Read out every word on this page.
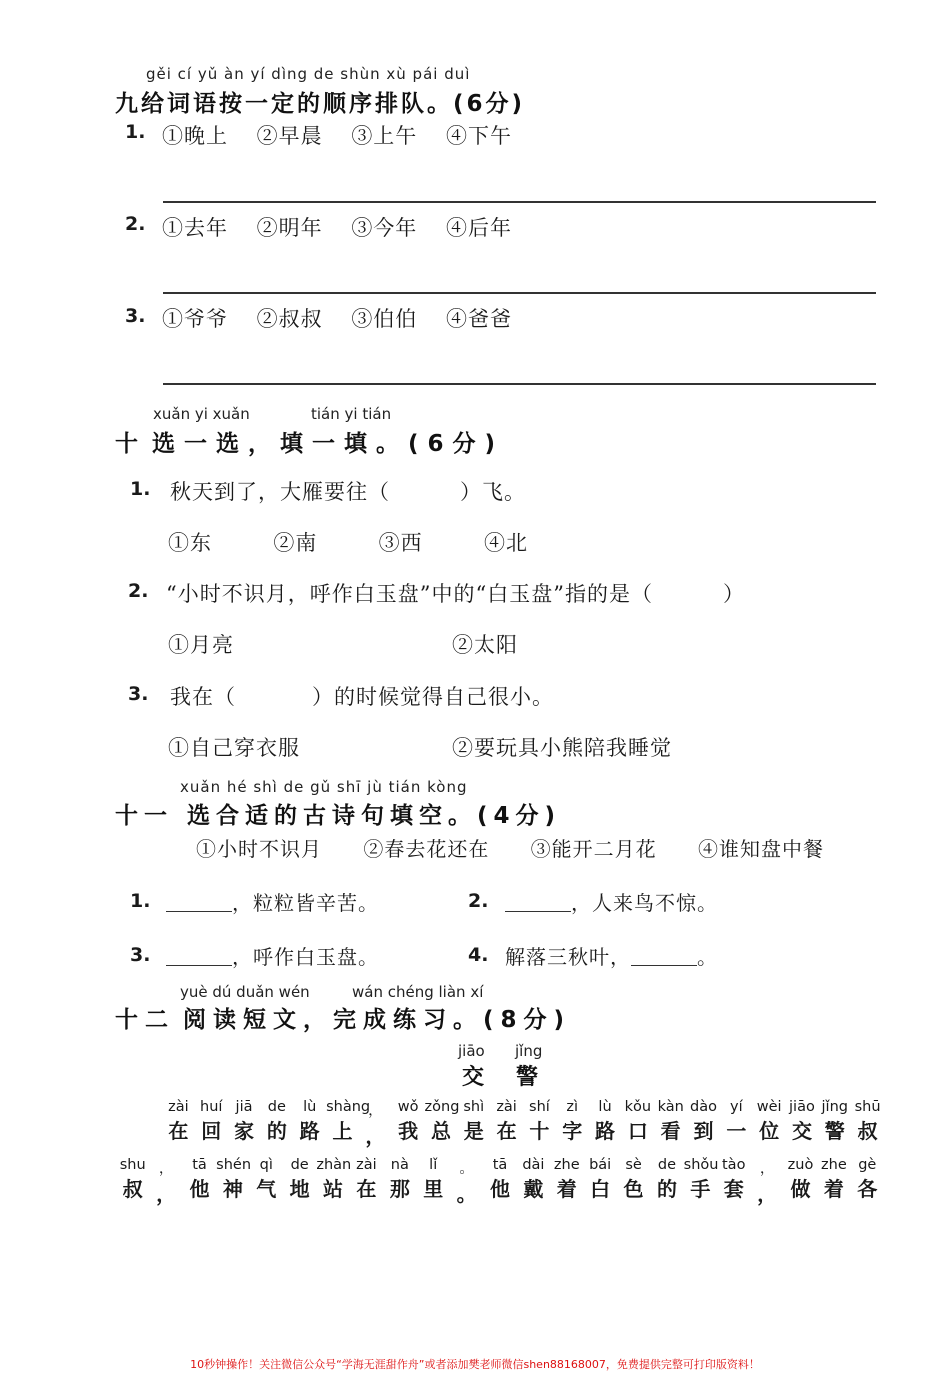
gěi cí yǔ àn yí dìng de shùn xù pái duì
九给词语按一定的顺序排队。(6分)
1. ①晚上 ②早晨 ③上午 ④下午
2. ①去年 ②明年 ③今年 ④后年
3. ①爷爷 ②叔叔 ③伯伯 ④爸爸
xuǎn yi xuǎn	tián yi tián
十选一选，填一填。(6分)
1. 秋天到了，大雁要往（	）飞。
①东	②南	③西	④北
2. “小时不识月，呼作白玉盘”中的“白玉盘”指的是（	）
①月亮	②太阳
3. 我在（	）的时候觉得自己很小。
①自己穿衣服	②要玩具小熊陪我睡觉
xuǎn hé shì de gǔ shī jù tián kòng
十一 选合适的古诗句填空。(4分)
①小时不识月 ②春去花还在 ③能开二月花 ④谁知盘中餐
1.	，粒粒皆辛苦。	2.	，人来鸟不惊。
3.	，呼作白玉盘。	4. 解落三秋叶，	。
yuè dú duǎn wén	wán chéng liàn xí
十二 阅读短文，完成练习。(8分)
jiāo jǐng
交 警
zài
在
huí
回
jiā
家
de
的
lù
路
shàng
上
，
，
wǒ
我
zǒng
总
shì
是
zài
在
shí
十
zì
字
lù
路
kǒu
口
kàn
看
dào
到
yí
一
wèi
位
jiāo
交
jǐng
警
shū
叔
shu
叔
，
，
tā
他
shén
神
qì
气
de
地
zhàn
站
zài
在
nà
那
lǐ
里
。
。
tā
他
dài
戴
zhe
着
bái
白
sè
色
de
的
shǒu
手
tào
套
，
，
zuò
做
zhe
着
gè
各
10秒钟操作！关注微信公众号“学海无涯甜作舟”或者添加樊老师微信shen88168007，免费提供完整可打印版资料！
